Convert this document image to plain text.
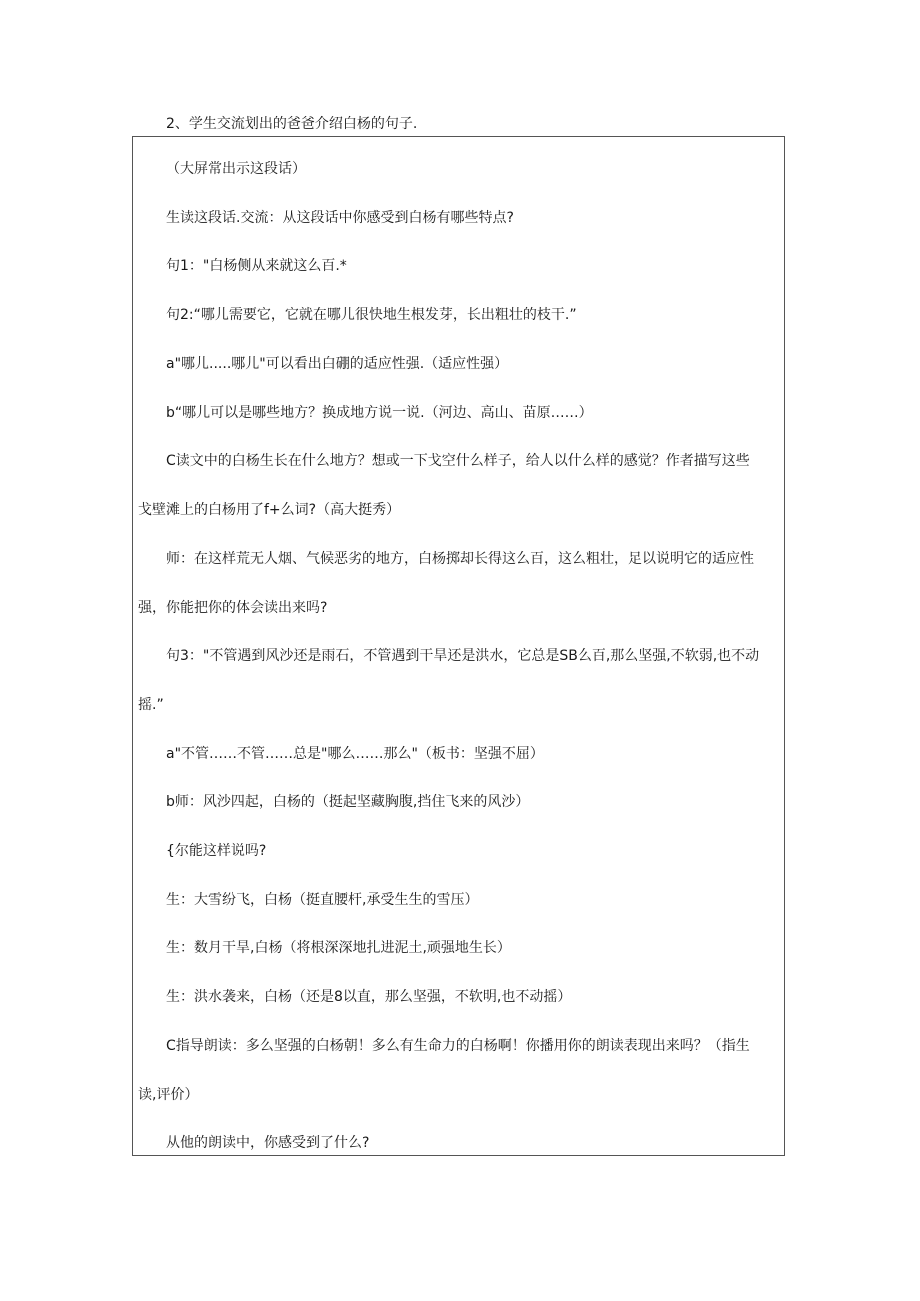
2、学生交流划出的爸爸介绍白杨的句子.
（大屏常出示这段话）
生读这段话.交流：从这段话中你感受到白杨有哪些特点?
句1："白杨侧从来就这么百.*
句2:“哪儿需要它，它就在哪儿很快地生根发芽，长出粗壮的枝干.”
a"哪儿.....哪儿"可以看出白硼的适应性强.（适应性强）
b“哪儿可以是哪些地方？换成地方说一说.（河边、高山、苗原……）
C读文中的白杨生长在什么地方？想或一下戈空什么样子，给人以什么样的感觉？作者描写这些
戈壁滩上的白杨用了f+么词?（高大挺秀）
师：在这样荒无人烟、气候恶劣的地方，白杨掷却长得这么百，这么粗壮，足以说明它的适应性
强，你能把你的体会读出来吗?
句3："不管遇到风沙还是雨石，不管遇到干旱还是洪水，它总是SB么百,那么坚强,不软弱,也不动
摇.”
a"不管……不管……总是"哪么……那么"（板书：坚强不屈）
b师：风沙四起，白杨的（挺起坚藏胸腹,挡住飞来的风沙）
{尔能这样说吗?
生：大雪纷飞，白杨（挺直腰杆,承受生生的雪压）
生：数月干旱,白杨（将根深深地扎进泥土,顽强地生长）
生：洪水袭来，白杨（还是8以直，那么坚强，不软明,也不动摇）
C指导朗读：多么坚强的白杨朝！多么有生命力的白杨啊！你播用你的朗读表现出来吗？（指生
读,评价）
从他的朗读中，你感受到了什么?
